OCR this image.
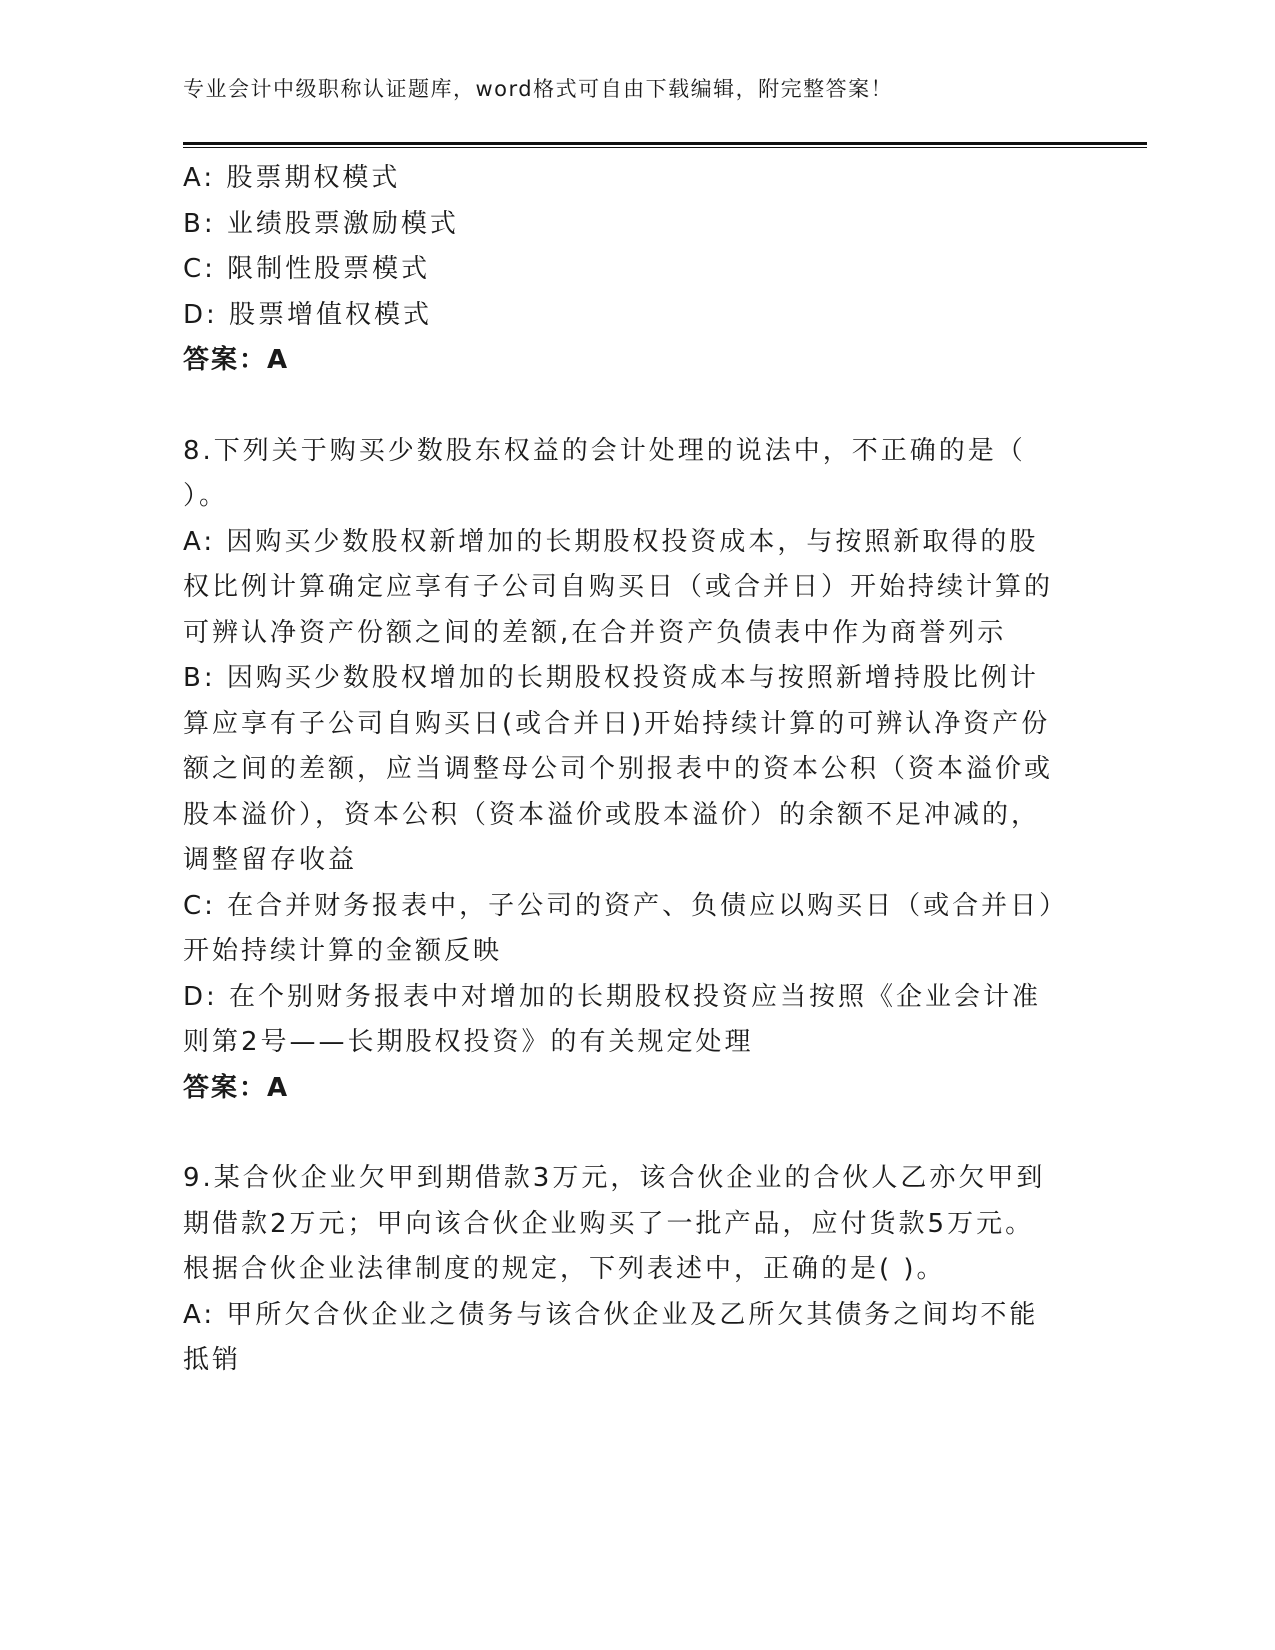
专业会计中级职称认证题库，word格式可自由下载编辑，附完整答案！

A: 股票期权模式

B: 业绩股票激励模式

C: 限制性股票模式

D: 股票增值权模式

答案：A

8.下列关于购买少数股东权益的会计处理的说法中，不正确的是（ ）。

A: 因购买少数股权新增加的长期股权投资成本，与按照新取得的股权比例计算确定应享有子公司自购买日（或合并日）开始持续计算的可辨认净资产份额之间的差额,在合并资产负债表中作为商誉列示

B: 因购买少数股权增加的长期股权投资成本与按照新增持股比例计算应享有子公司自购买日(或合并日)开始持续计算的可辨认净资产份额之间的差额，应当调整母公司个别报表中的资本公积（资本溢价或股本溢价），资本公积（资本溢价或股本溢价）的余额不足冲减的，调整留存收益

C: 在合并财务报表中，子公司的资产、负债应以购买日（或合并日）开始持续计算的金额反映

D: 在个别财务报表中对增加的长期股权投资应当按照《企业会计准则第2号——长期股权投资》的有关规定处理

答案：A

9.某合伙企业欠甲到期借款3万元，该合伙企业的合伙人乙亦欠甲到期借款2万元；甲向该合伙企业购买了一批产品，应付货款5万元。根据合伙企业法律制度的规定，下列表述中，正确的是( )。

A: 甲所欠合伙企业之债务与该合伙企业及乙所欠其债务之间均不能抵销
